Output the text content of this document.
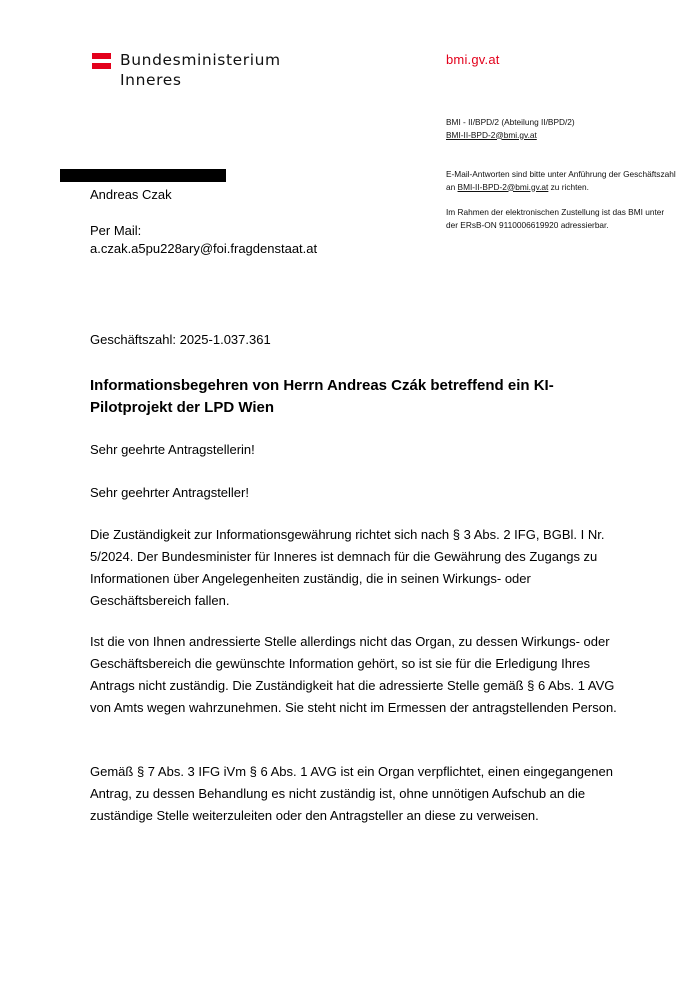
Bundesministerium
Inneres
bmi.gv.at
BMI - II/BPD/2 (Abteilung II/BPD/2)
BMI-II-BPD-2@bmi.gv.at

E-Mail-Antworten sind bitte unter Anführung der Geschäftszahl an BMI-II-BPD-2@bmi.gv.at zu richten.

Im Rahmen der elektronischen Zustellung ist das BMI unter der ERsB-ON 9110006619920 adressierbar.

Andreas Czak
Per Mail:
a.czak.a5pu228ary@foi.fragdenstaat.at
Geschäftszahl: 2025-1.037.361
Informationsbegehren von Herrn Andreas Czák betreffend ein KI-Pilotprojekt der LPD Wien
Sehr geehrte Antragstellerin!
Sehr geehrter Antragsteller!
Die Zuständigkeit zur Informationsgewährung richtet sich nach § 3 Abs. 2 IFG, BGBl. I Nr. 5/2024. Der Bundesminister für Inneres ist demnach für die Gewährung des Zugangs zu Informationen über Angelegenheiten zuständig, die in seinen Wirkungs- oder Geschäftsbereich fallen.
Ist die von Ihnen andressierte Stelle allerdings nicht das Organ, zu dessen Wirkungs- oder Geschäftsbereich die gewünschte Information gehört, so ist sie für die Erledigung Ihres Antrags nicht zuständig. Die Zuständigkeit hat die adressierte Stelle gemäß § 6 Abs. 1 AVG von Amts wegen wahrzunehmen. Sie steht nicht im Ermessen der antragstellenden Person.
Gemäß § 7 Abs. 3 IFG iVm § 6 Abs. 1 AVG ist ein Organ verpflichtet, einen eingegangenen Antrag, zu dessen Behandlung es nicht zuständig ist, ohne unnötigen Aufschub an die zuständige Stelle weiterzuleiten oder den Antragsteller an diese zu verweisen.
